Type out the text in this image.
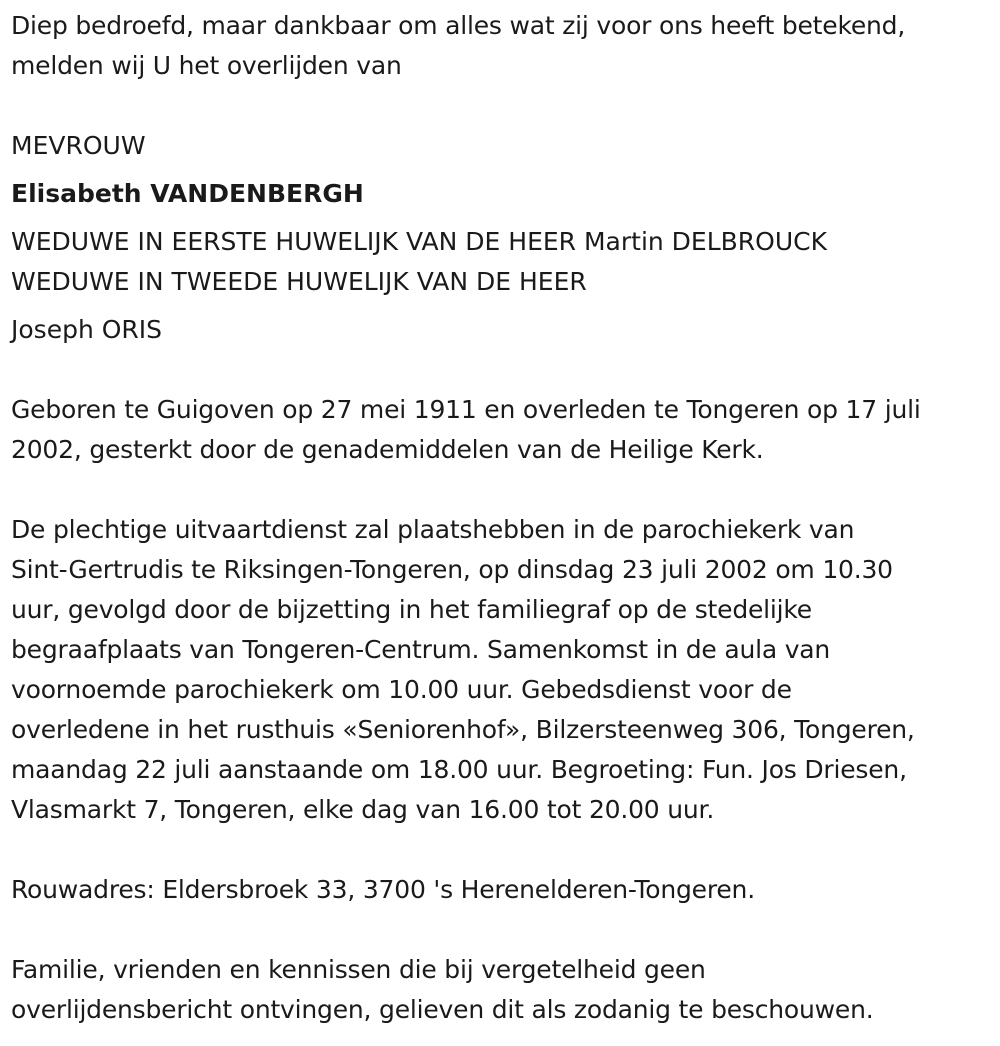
Diep bedroefd, maar dankbaar om alles wat zij voor ons heeft betekend,
melden wij U het overlijden van

MEVROUW

Elisabeth VANDENBERGH

WEDUWE IN EERSTE HUWELIJK VAN DE HEER Martin DELBROUCK

WEDUWE IN TWEEDE HUWELIJK VAN DE HEER

Joseph ORIS

Geboren te Guigoven op 27 mei 1911 en overleden te Tongeren op 17 juli
2002, gesterkt door de genademiddelen van de Heilige Kerk.

De plechtige uitvaartdienst zal plaatshebben in de parochiekerk van
Sint-Gertrudis te Riksingen-Tongeren, op dinsdag 23 juli 2002 om 10.30
uur, gevolgd door de bijzetting in het familiegraf op de stedelijke
begraafplaats van Tongeren-Centrum. Samenkomst in de aula van
voornoemde parochiekerk om 10.00 uur. Gebedsdienst voor de
overledene in het rusthuis «Seniorenhof», Bilzersteenweg 306, Tongeren,
maandag 22 juli aanstaande om 18.00 uur. Begroeting: Fun. Jos Driesen,
Vlasmarkt 7, Tongeren, elke dag van 16.00 tot 20.00 uur.

Rouwadres: Eldersbroek 33, 3700 's Herenelderen-Tongeren.

Familie, vrienden en kennissen die bij vergetelheid geen
overlijdensbericht ontvingen, gelieven dit als zodanig te beschouwen.
